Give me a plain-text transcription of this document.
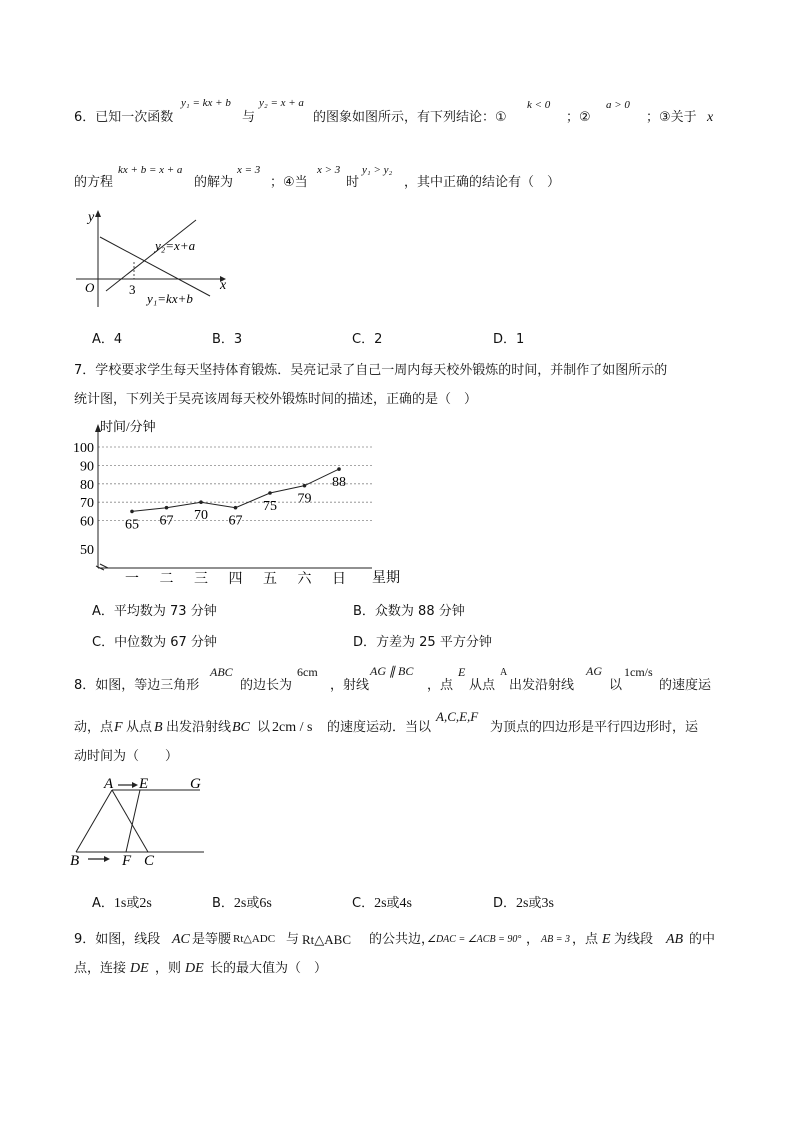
6．已知一次函数
y₁ = kx + b
与
y₂ = x + a
的图象如图所示，有下列结论：①
k < 0
；②
a > 0
；③关于 x
的方程
kx + b = x + a
的解为
x = 3
；④当
x > 3
时
y₁ > y₂
，其中正确的结论有（　）
y
x
O	3
y₂=x+a
y₁=kx+b
A．4	B．3	C．2	D．1
7．学校要求学生每天坚持体育锻炼．吴亮记录了自己一周内每天校外锻炼的时间，并制作了如图所示的
统计图，下列关于吴亮该周每天校外锻炼时间的描述，正确的是（　）
时间/分钟
星期
50
60
70
80
90
100
一 二 三 四 五 六 日
65 67 70 67
75 79
88
A．平均数为 73 分钟	B．众数为 88 分钟
C．中位数为 67 分钟	D．方差为 25 平方分钟
8．如图，等边三角形
ABC
的边长为
6cm
，射线
AG ∥ BC
，点
E
从点
A
出发沿射线
AG
以
1cm/s
的速度运
动，点 F 从点 B 出发沿射线 BC 以 2cm / s 的速度运动．当以
A,C,E,F
为顶点的四边形是平行四边形时，运
动时间为（　　）
A E	G
B	F C
A．1s或2s	B．2s或6s	C．2s或4s	D．2s或3s
9．如图，线段 AC 是等腰 Rt△ADC 与 Rt△ABC 的公共边，
∠DAC = ∠ACB = 90° ， AB = 3 ，点 E 为线段 AB 的中
点，连接 DE ，则 DE 长的最大值为（　）
